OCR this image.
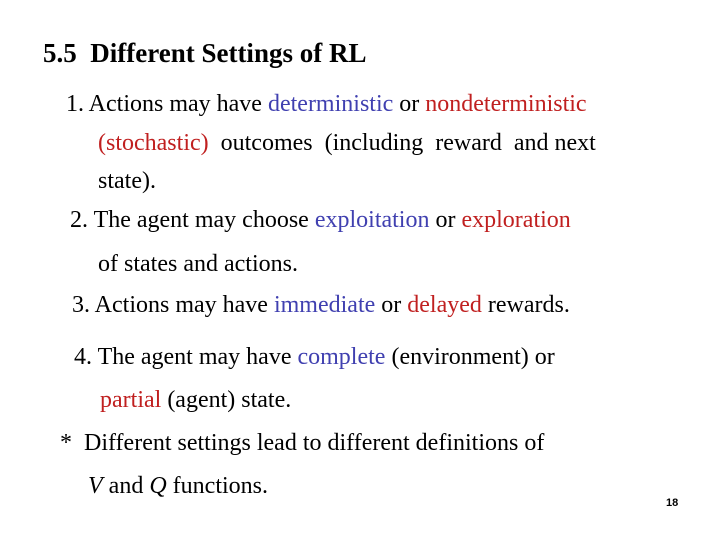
5.5  Different Settings of RL
1. Actions may have deterministic or nondeterministic
(stochastic)  outcomes  (including  reward  and next
state).
2. The agent may choose exploitation or exploration
of states and actions.
3. Actions may have immediate or delayed rewards.
4. The agent may have complete (environment) or
partial (agent) state.
*  Different settings lead to different definitions of
V and Q functions.
18
